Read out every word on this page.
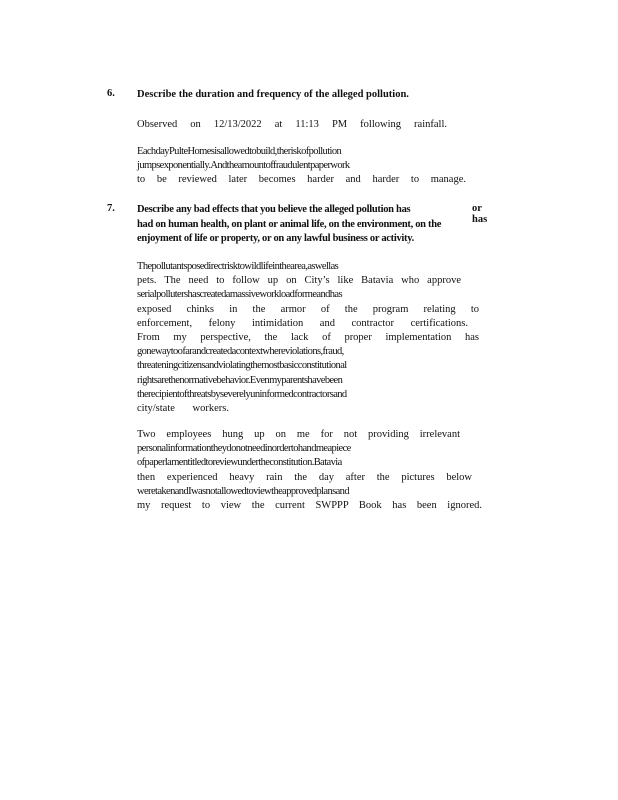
6. Describe the duration and frequency of the alleged pollution.
Observed on 12/13/2022 at 11:13 PM following rainfall.
EachdayPulteHomesisallowedtobuild,theriskofpollution
jumpsexponentially.Andtheamountoffraudulentpaperwork
to be reviewed later becomes harder and harder to manage.
7. Describe any bad effects that you believe the alleged pollution has
had on human health, on plant or animal life, on the environment, on the
enjoyment of life or property, or on any lawful business or activity.
or has
Thepollutantsposedirectrisktowildlifeinthearea,aswellas
pets. The need to follow up on City’s like Batavia who approve
serialpollutershascreatedamassiveworkloadformeandhas
exposed chinks in the armor of the program relating to
enforcement, felony intimidation and contractor certifications.
From my perspective, the lack of proper implementation has
gonewaytoofarandcreatedacontextwhereviolations,fraud,
threateningcitizensandviolatingthemostbasicconstitutional
rightsarethenormativebehavior.Evenmyparentshavebeen
therecipientofthreatsbyseverelyuninformedcontractorsand
city/state workers.
Two employees hung up on me for not providing irrelevant
personalinformationtheydonotneedinordertohandmeapiece
ofpaperlamentitledtoreviewundertheconstitution.Batavia
then experienced heavy rain the day after the pictures below
weretakenandIwasnotallowedtoviewtheapprovedplansand
my request to view the current SWPPP Book has been ignored.
